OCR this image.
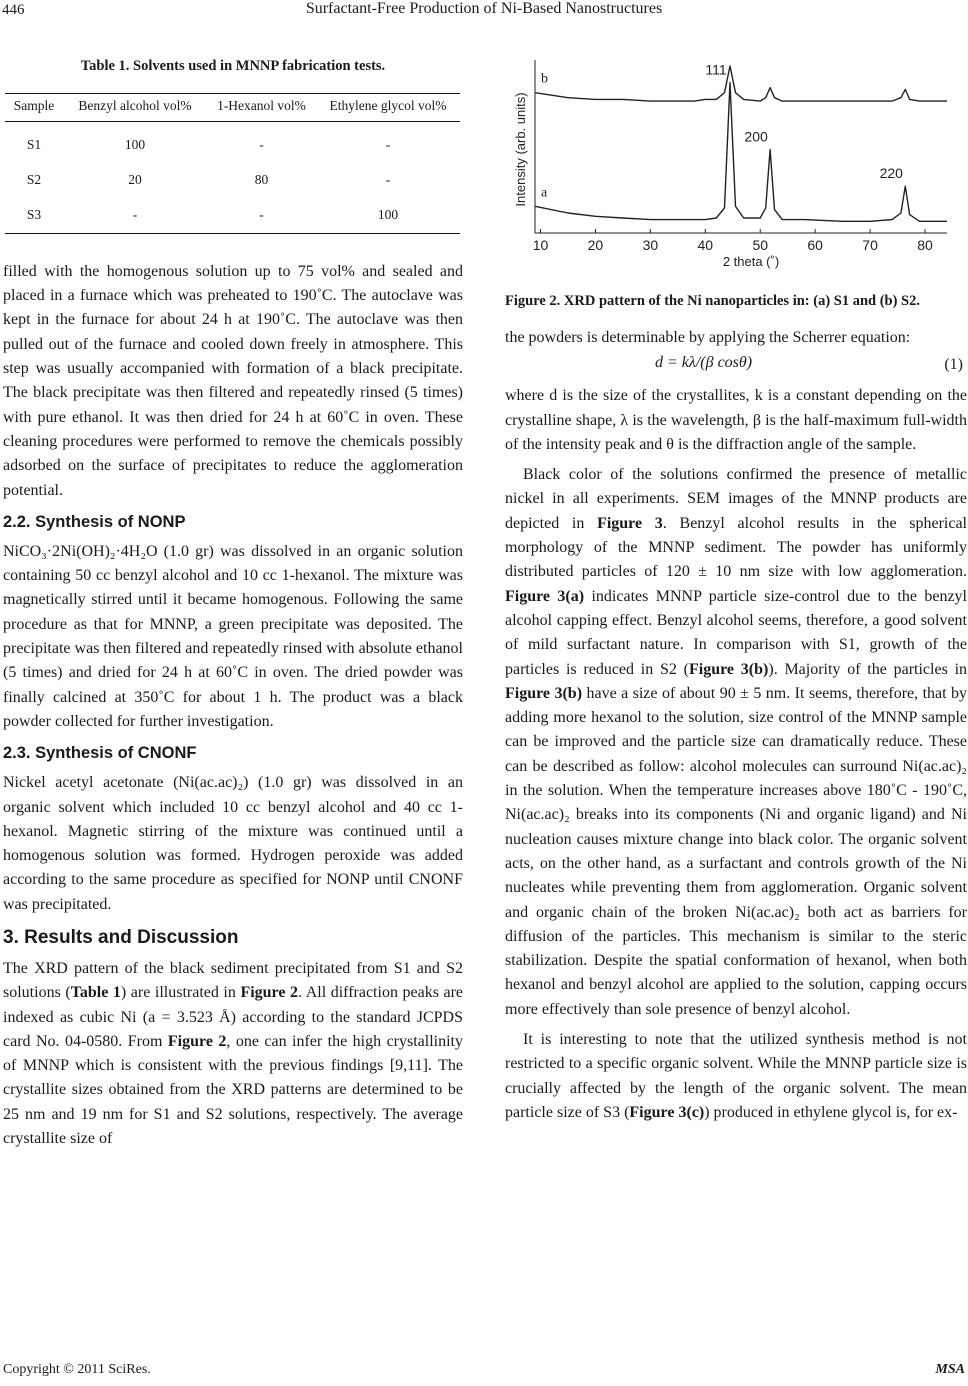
446	Surfactant-Free Production of Ni-Based Nanostructures
Table 1. Solvents used in MNNP fabrication tests.
Sample	Benzyl alcohol vol%	1-Hexanol vol%	Ethylene glycol vol%
S1	100	-	-
S2	20	80	-
S3	-	-	100

filled with the homogenous solution up to 75 vol% and sealed and placed in a furnace which was preheated to 190˚C. The autoclave was kept in the furnace for about 24 h at 190˚C. The autoclave was then pulled out of the furnace and cooled down freely in atmosphere. This step was usually accompanied with formation of a black precipitate. The black precipitate was then filtered and repeatedly rinsed (5 times) with pure ethanol. It was then dried for 24 h at 60˚C in oven. These cleaning procedures were performed to remove the chemicals possibly adsorbed on the surface of precipitates to reduce the agglomeration potential.

2.2. Synthesis of NONP

NiCO₃·2Ni(OH)₂·4H₂O (1.0 gr) was dissolved in an organic solution containing 50 cc benzyl alcohol and 10 cc 1-hexanol. The mixture was magnetically stirred until it became homogenous. Following the same procedure as that for MNNP, a green precipitate was deposited. The precipitate was then filtered and repeatedly rinsed with absolute ethanol (5 times) and dried for 24 h at 60˚C in oven. The dried powder was finally calcined at 350˚C for about 1 h. The product was a black powder collected for further investigation.

2.3. Synthesis of CNONF

Nickel acetyl acetonate (Ni(ac.ac)₂) (1.0 gr) was dissolved in an organic solvent which included 10 cc benzyl alcohol and 40 cc 1-hexanol. Magnetic stirring of the mixture was continued until a homogenous solution was formed. Hydrogen peroxide was added according to the same procedure as specified for NONP until CNONF was precipitated.

3. Results and Discussion

The XRD pattern of the black sediment precipitated from S1 and S2 solutions (Table 1) are illustrated in Figure 2. All diffraction peaks are indexed as cubic Ni (a = 3.523 Å) according to the standard JCPDS card No. 04-0580. From Figure 2, one can infer the high crystallinity of MNNP which is consistent with the previous findings [9,11]. The crystallite sizes obtained from the XRD patterns are determined to be 25 nm and 19 nm for S1 and S2 solutions, respectively. The average crystallite size of

10	20	30	40	50	60	70	80
2 theta (˚)
Intensity (arb. units) a
b
111
200
220
Figure 2. XRD pattern of the Ni nanoparticles in: (a) S1 and (b) S2.

the powders is determinable by applying the Scherrer equation:

d = kλ/(β cosθ)	(1)

where d is the size of the crystallites, k is a constant depending on the crystalline shape, λ is the wavelength, β is the half-maximum full-width of the intensity peak and θ is the diffraction angle of the sample.

Black color of the solutions confirmed the presence of metallic nickel in all experiments. SEM images of the MNNP products are depicted in Figure 3. Benzyl alcohol results in the spherical morphology of the MNNP sediment. The powder has uniformly distributed particles of 120 ± 10 nm size with low agglomeration. Figure 3(a) indicates MNNP particle size-control due to the benzyl alcohol capping effect. Benzyl alcohol seems, therefore, a good solvent of mild surfactant nature. In comparison with S1, growth of the particles is reduced in S2 (Figure 3(b)). Majority of the particles in Figure 3(b) have a size of about 90 ± 5 nm. It seems, therefore, that by adding more hexanol to the solution, size control of the MNNP sample can be improved and the particle size can dramatically reduce. These can be described as follow: alcohol molecules can surround Ni(ac.ac)₂ in the solution. When the temperature increases above 180˚C - 190˚C, Ni(ac.ac)₂ breaks into its components (Ni and organic ligand) and Ni nucleation causes mixture change into black color. The organic solvent acts, on the other hand, as a surfactant and controls growth of the Ni nucleates while preventing them from agglomeration. Organic solvent and organic chain of the broken Ni(ac.ac)₂ both act as barriers for diffusion of the particles. This mechanism is similar to the steric stabilization. Despite the spatial conformation of hexanol, when both hexanol and benzyl alcohol are applied to the solution, capping occurs more effectively than sole presence of benzyl alcohol.

It is interesting to note that the utilized synthesis method is not restricted to a specific organic solvent. While the MNNP particle size is crucially affected by the length of the organic solvent. The mean particle size of S3 (Figure 3(c)) produced in ethylene glycol is, for ex-

Copyright © 2011 SciRes.	MSA
